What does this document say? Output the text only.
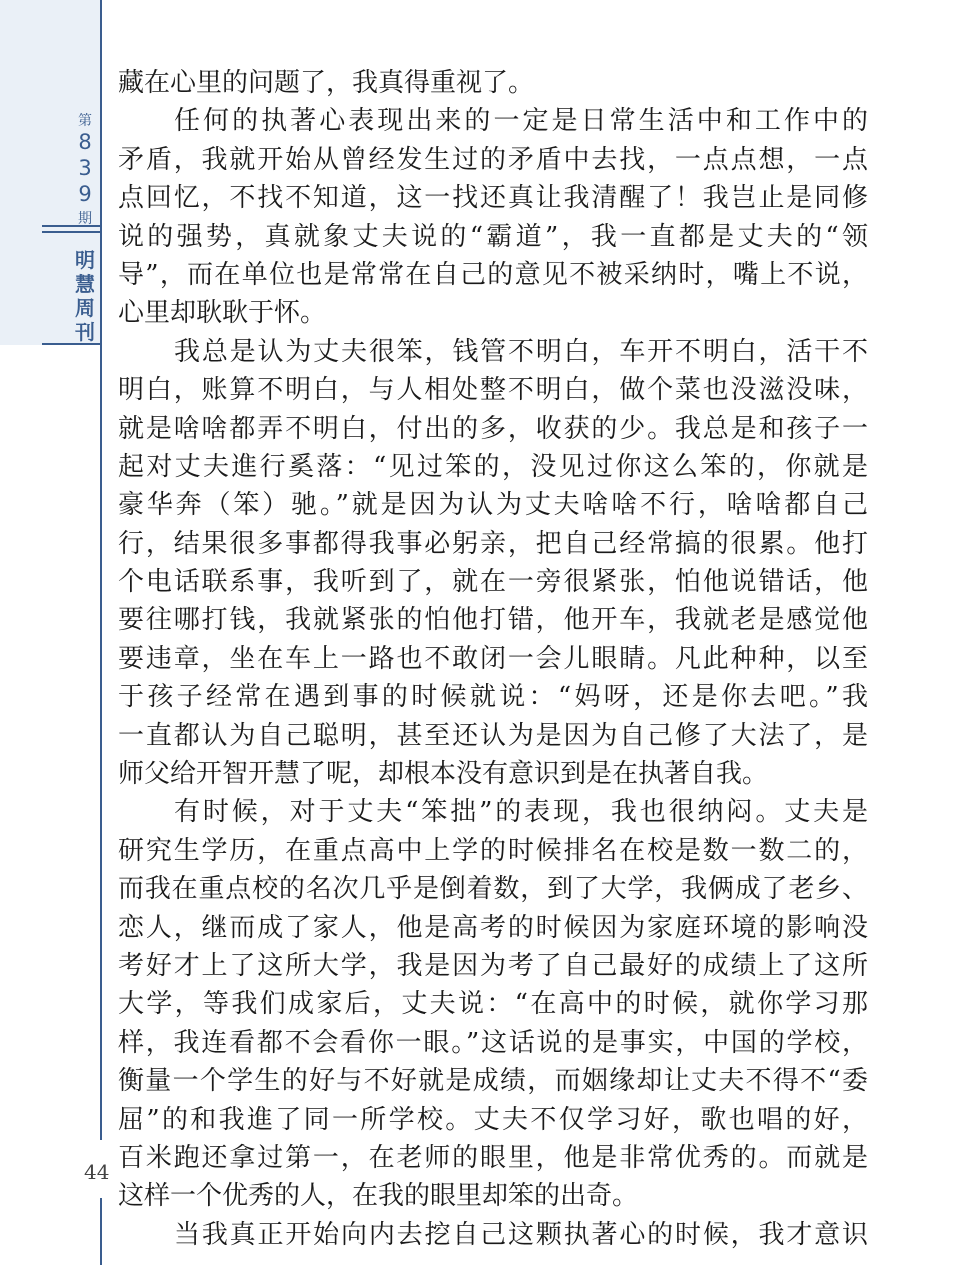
第
8
3
9
期
明
慧
周
刊
44
藏在心里的问题了，我真得重视了。
任何的执著心表现出来的一定是日常生活中和工作中的
矛盾，我就开始从曾经发生过的矛盾中去找，一点点想，一点
点回忆，不找不知道，这一找还真让我清醒了！我岂止是同修
说的强势，真就象丈夫说的“霸道”，我一直都是丈夫的“领
导”，而在单位也是常常在自己的意见不被采纳时，嘴上不说，
心里却耿耿于怀。
我总是认为丈夫很笨，钱管不明白，车开不明白，活干不
明白，账算不明白，与人相处整不明白，做个菜也没滋没味，
就是啥啥都弄不明白，付出的多，收获的少。我总是和孩子一
起对丈夫進行奚落：“见过笨的，没见过你这么笨的，你就是
豪华奔（笨）驰。”就是因为认为丈夫啥啥不行，啥啥都自己
行，结果很多事都得我事必躬亲，把自己经常搞的很累。他打
个电话联系事，我听到了，就在一旁很紧张，怕他说错话，他
要往哪打钱，我就紧张的怕他打错，他开车，我就老是感觉他
要违章，坐在车上一路也不敢闭一会儿眼睛。凡此种种，以至
于孩子经常在遇到事的时候就说：“妈呀，还是你去吧。”我
一直都认为自己聪明，甚至还认为是因为自己修了大法了，是
师父给开智开慧了呢，却根本没有意识到是在执著自我。
有时候，对于丈夫“笨拙”的表现，我也很纳闷。丈夫是
研究生学历，在重点高中上学的时候排名在校是数一数二的，
而我在重点校的名次几乎是倒着数，到了大学，我俩成了老乡、
恋人，继而成了家人，他是高考的时候因为家庭环境的影响没
考好才上了这所大学，我是因为考了自己最好的成绩上了这所
大学，等我们成家后，丈夫说：“在高中的时候，就你学习那
样，我连看都不会看你一眼。”这话说的是事实，中国的学校，
衡量一个学生的好与不好就是成绩，而姻缘却让丈夫不得不“委
屈”的和我進了同一所学校。丈夫不仅学习好，歌也唱的好，
百米跑还拿过第一，在老师的眼里，他是非常优秀的。而就是
这样一个优秀的人，在我的眼里却笨的出奇。
当我真正开始向内去挖自己这颗执著心的时候，我才意识
